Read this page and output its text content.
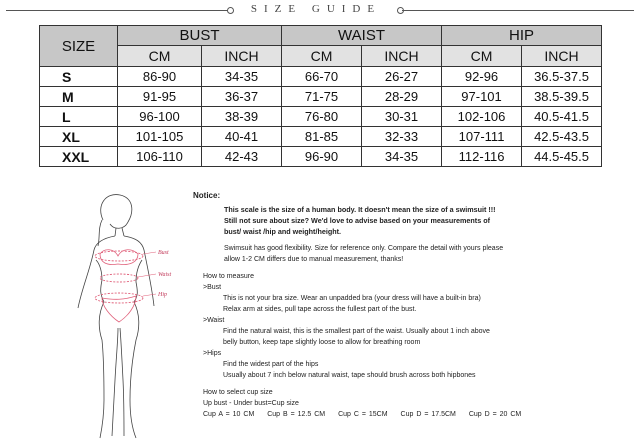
SIZE GUIDE
SIZE	BUST		WAIST		HIP	
	CM	INCH	CM	INCH	CM	INCH
S	86-90	34-35	66-70	26-27	92-96	36.5-37.5
M	91-95	36-37	71-75	28-29	97-101	38.5-39.5
L	96-100	38-39	76-80	30-31	102-106	40.5-41.5
XL	101-105	40-41	81-85	32-33	107-111	42.5-43.5
XXL	106-110	42-43	96-90	34-35	112-116	44.5-45.5
Bust
Waist
Hip
Notice:
This scale is the size of a human body. It doesn't mean the size of a swimsuit !!!
Still not sure about size? We'd love to advise based on your measurements of
bust/ waist /hip and weight/height.
Swimsuit has good flexibility. Size for reference only. Compare the detail with yours please
allow 1-2 CM differs due to manual measurement, thanks!
How to measure
>Bust
This is not your bra size. Wear an unpadded bra (your dress will have a built-in bra)
Relax arm at sides, pull tape across the fullest part of the bust.
>Waist
Find the natural waist, this is the smallest part of the waist. Usually about 1 inch above
belly button, keep tape slightly loose to allow for breathing room
>Hips
Find the widest part of the hips
Usually about 7 inch below natural waist, tape should brush across both hipbones
How to select cup size
Up bust - Under bust=Cup size
Cup A = 10 CM Cup B = 12.5 CM Cup C = 15CM Cup D = 17.5CM Cup D = 20 CM
